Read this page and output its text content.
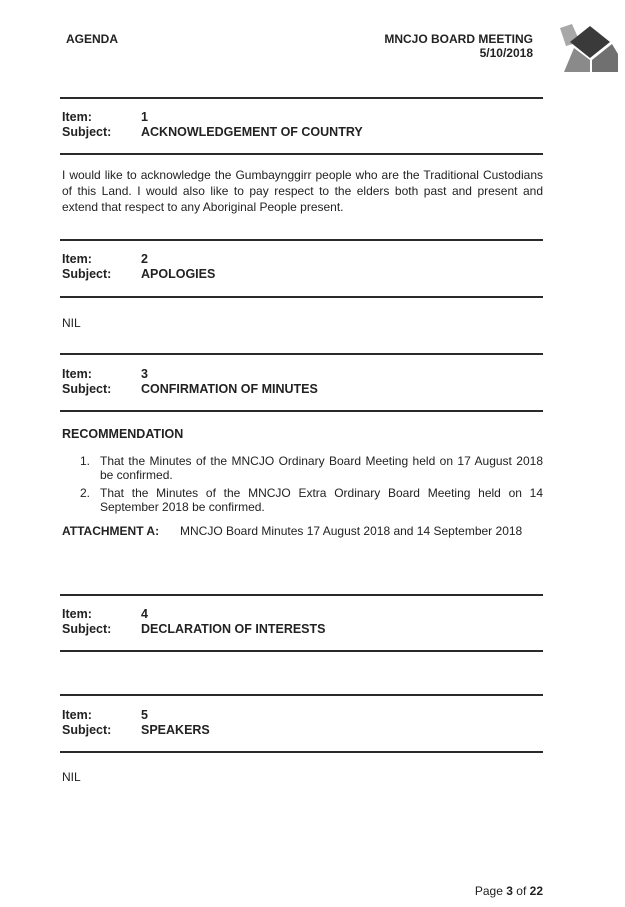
AGENDA	MNCJO BOARD MEETING
5/10/2018
Item:	1
Subject: ACKNOWLEDGEMENT OF COUNTRY
I would like to acknowledge the Gumbaynggirr people who are the Traditional Custodians of this Land. I would also like to pay respect to the elders both past and present and extend that respect to any Aboriginal People present.
Item:	2
Subject: APOLOGIES
NIL
Item:	3
Subject: CONFIRMATION OF MINUTES
RECOMMENDATION
1. That the Minutes of the MNCJO Ordinary Board Meeting held on 17 August 2018 be confirmed.
2. That the Minutes of the MNCJO Extra Ordinary Board Meeting held on 14 September 2018 be confirmed.
ATTACHMENT A: MNCJO Board Minutes 17 August 2018 and 14 September 2018
Item:	4
Subject: DECLARATION OF INTERESTS
Item:	5
Subject: SPEAKERS
NIL
Page 3 of 22
